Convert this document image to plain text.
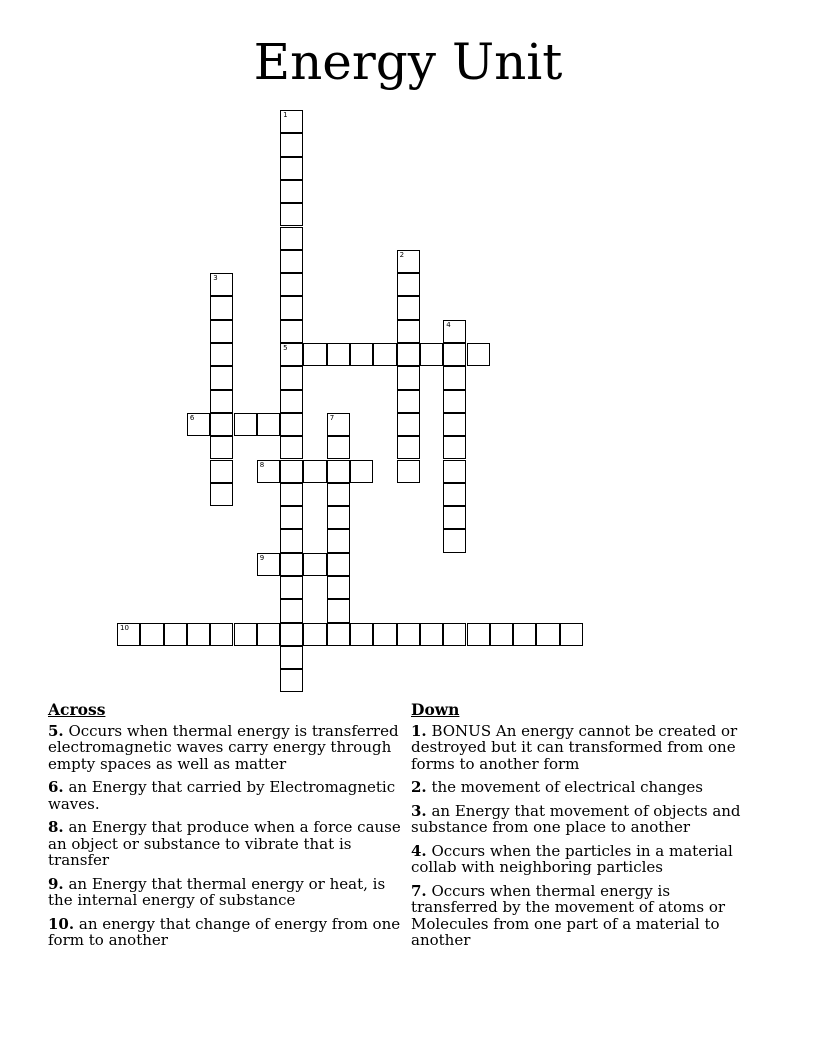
Energy Unit
1
5
2
3
4
6	7
8
9
10
Across
5. Occurs when thermal energy is transferred electromagnetic waves carry energy through empty spaces as well as matter
6. an Energy that carried by Electromagnetic waves.
8. an Energy that produce when a force cause an object or substance to vibrate that is transfer
9. an Energy that thermal energy or heat, is the internal energy of substance
10. an energy that change of energy from one form to another
Down
1. BONUS An energy cannot be created or destroyed but it can transformed from one forms to another form
2. the movement of electrical changes
3. an Energy that movement of objects and substance from one place to another
4. Occurs when the particles in a material collab with neighboring particles
7. Occurs when thermal energy is transferred by the movement of atoms or Molecules from one part of a material to another
